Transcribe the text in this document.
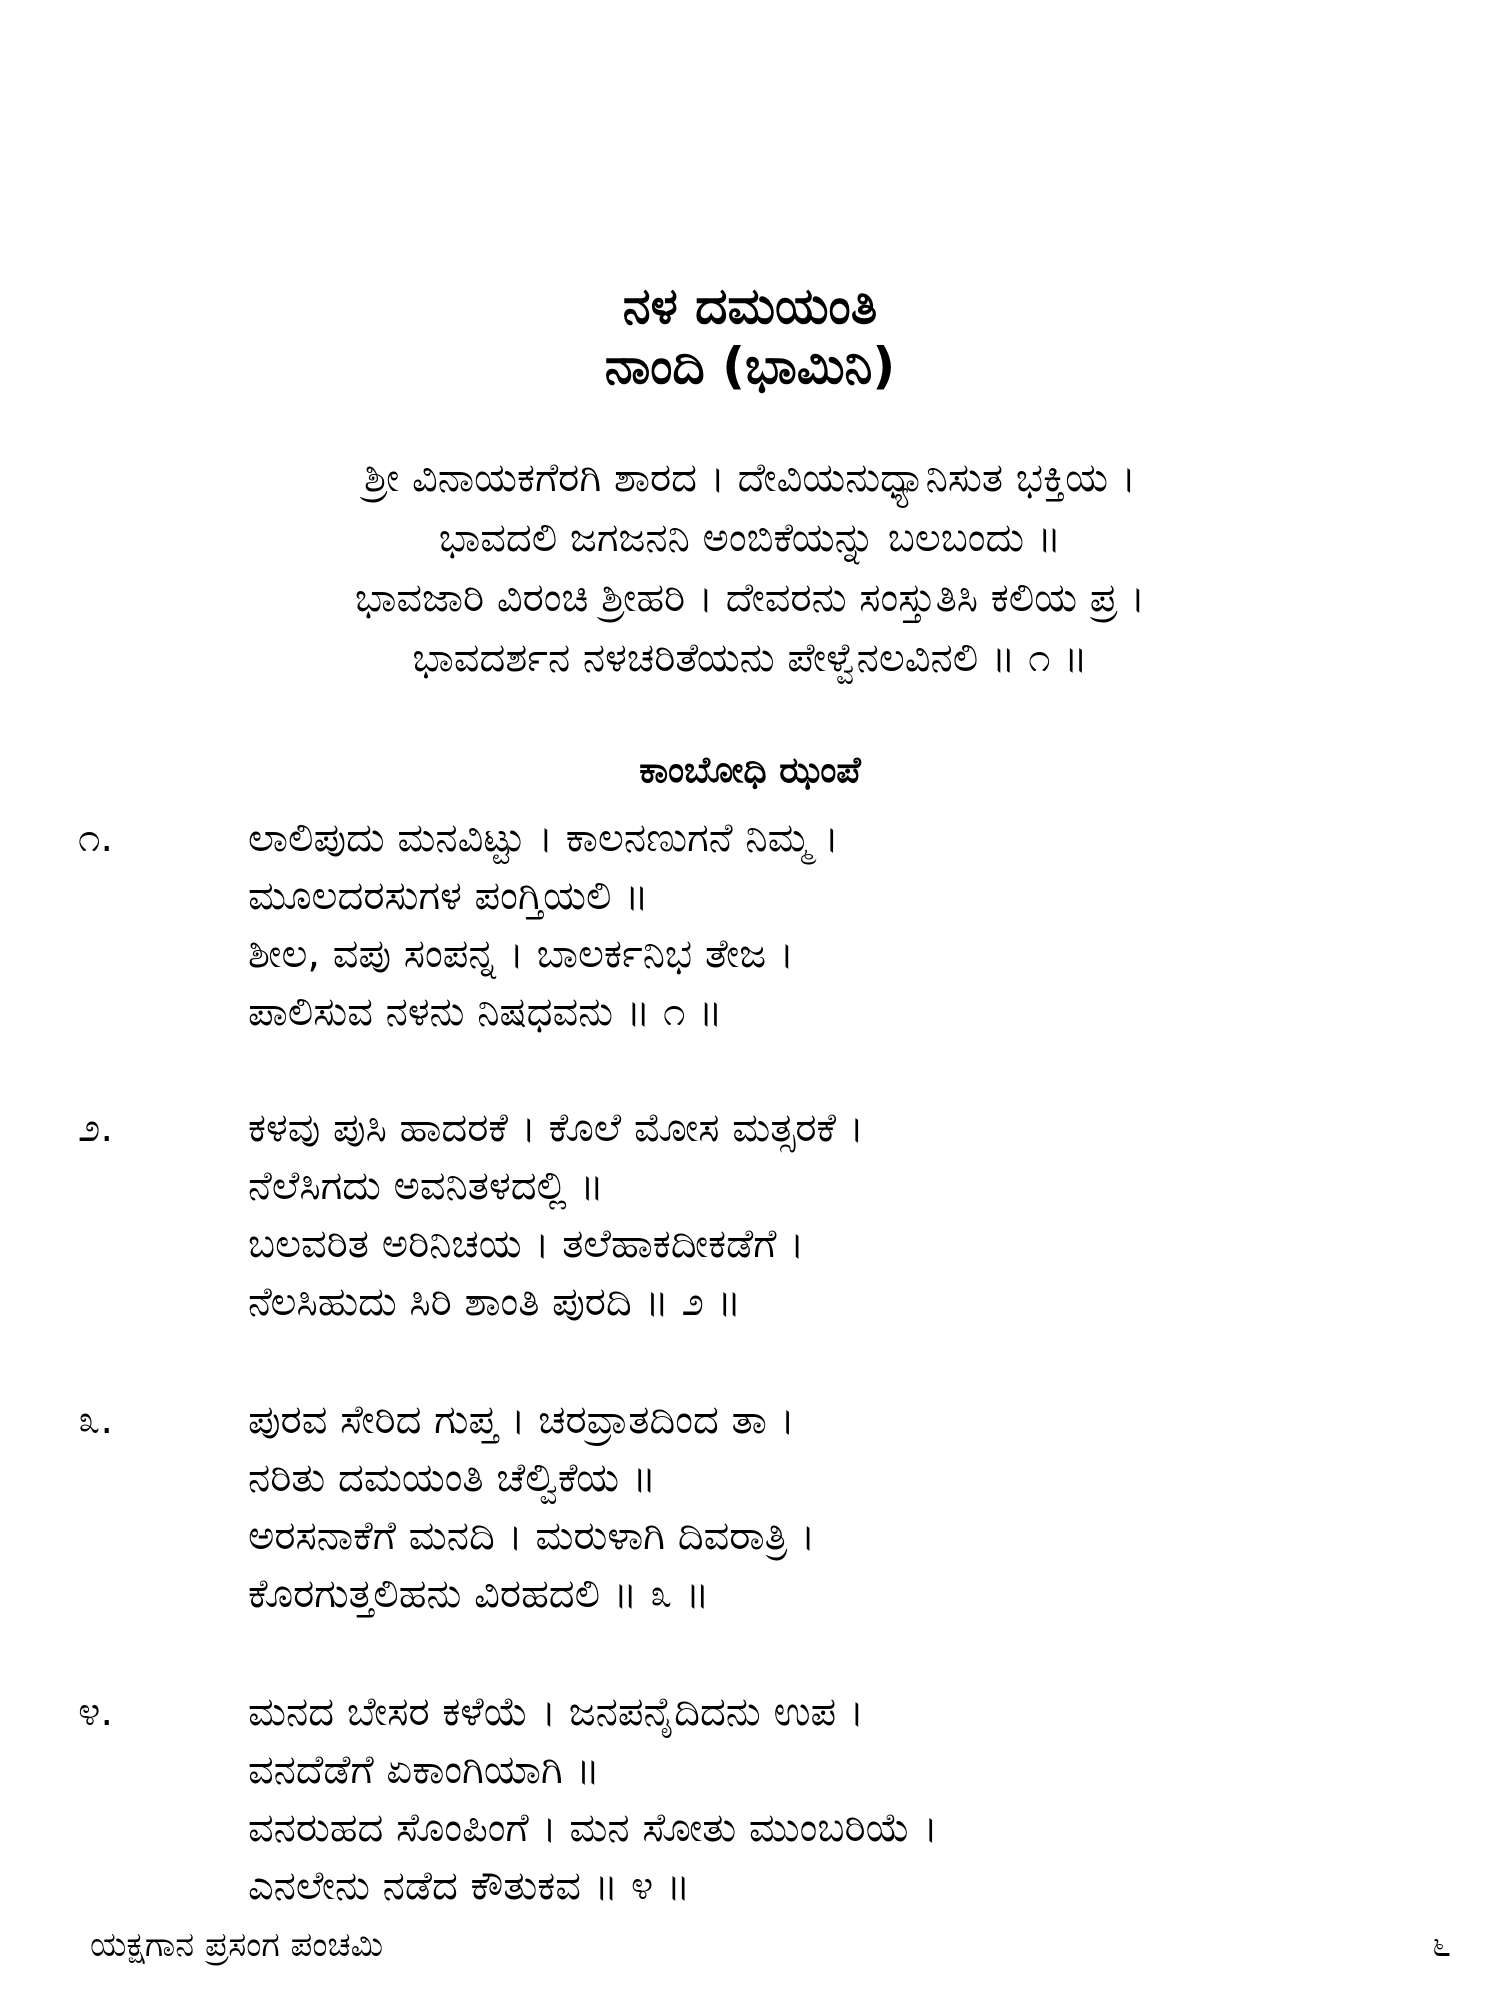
ನಳ ದಮಯಂತಿ
ನಾಂದಿ (ಭಾಮಿನಿ)
ಶ್ರೀ ವಿನಾಯಕಗೆರಗಿ ಶಾರದ । ದೇವಿಯನುಧ್ಯಾನಿಸುತ ಭಕ್ತಿಯ ।
ಭಾವದಲಿ ಜಗಜನನಿ ಅಂಬಿಕೆಯನ್ನು ಬಲಬಂದು ॥
ಭಾವಜಾರಿ ವಿರಂಚಿ ಶ್ರೀಹರಿ । ದೇವರನು ಸಂಸ್ತುತಿಸಿ ಕಲಿಯ ಪ್ರ ।
ಭಾವದರ್ಶನ ನಳಚರಿತೆಯನು ಪೇಳ್ವೆನಲವಿನಲಿ ॥ ೧ ॥
ಕಾಂಬೋಧಿ ಝಂಪೆ
೧.	ಲಾಲಿಪುದು ಮನವಿಟ್ಟು । ಕಾಲನಣುಗನೆ ನಿಮ್ಮ ।
ಮೂಲದರಸುಗಳ ಪಂಗ್ತಿಯಲಿ ॥
ಶೀಲ, ವಪು ಸಂಪನ್ನ । ಬಾಲರ್ಕನಿಭ ತೇಜ ।
ಪಾಲಿಸುವ ನಳನು ನಿಷಧವನು ॥ ೧ ॥
೨.	ಕಳವು ಪುಸಿ ಹಾದರಕೆ । ಕೊಲೆ ಮೋಸ ಮತ್ಸರಕೆ ।
ನೆಲೆಸಿಗದು ಅವನಿತಳದಲ್ಲಿ ॥
ಬಲವರಿತ ಅರಿನಿಚಯ । ತಲೆಹಾಕದೀಕಡೆಗೆ ।
ನೆಲಸಿಹುದು ಸಿರಿ ಶಾಂತಿ ಪುರದಿ ॥ ೨ ॥
೩.	ಪುರವ ಸೇರಿದ ಗುಪ್ತ । ಚರವ್ರಾತದಿಂದ ತಾ ।
ನರಿತು ದಮಯಂತಿ ಚೆಲ್ವಿಕೆಯ ॥
ಅರಸನಾಕೆಗೆ ಮನದಿ । ಮರುಳಾಗಿ ದಿವರಾತ್ರಿ ।
ಕೊರಗುತ್ತಲಿಹನು ವಿರಹದಲಿ ॥ ೩ ॥
೪.	ಮನದ ಬೇಸರ ಕಳೆಯೆ । ಜನಪನೈದಿದನು ಉಪ ।
ವನದೆಡೆಗೆ ಏಕಾಂಗಿಯಾಗಿ ॥
ವನರುಹದ ಸೊಂಪಿಂಗೆ । ಮನ ಸೋತು ಮುಂಬರಿಯೆ ।
ಎನಲೇನು ನಡೆದ ಕೌತುಕವ ॥ ೪ ॥
ಯಕ್ಷಗಾನ ಪ್ರಸಂಗ ಪಂಚಮಿ	೬
